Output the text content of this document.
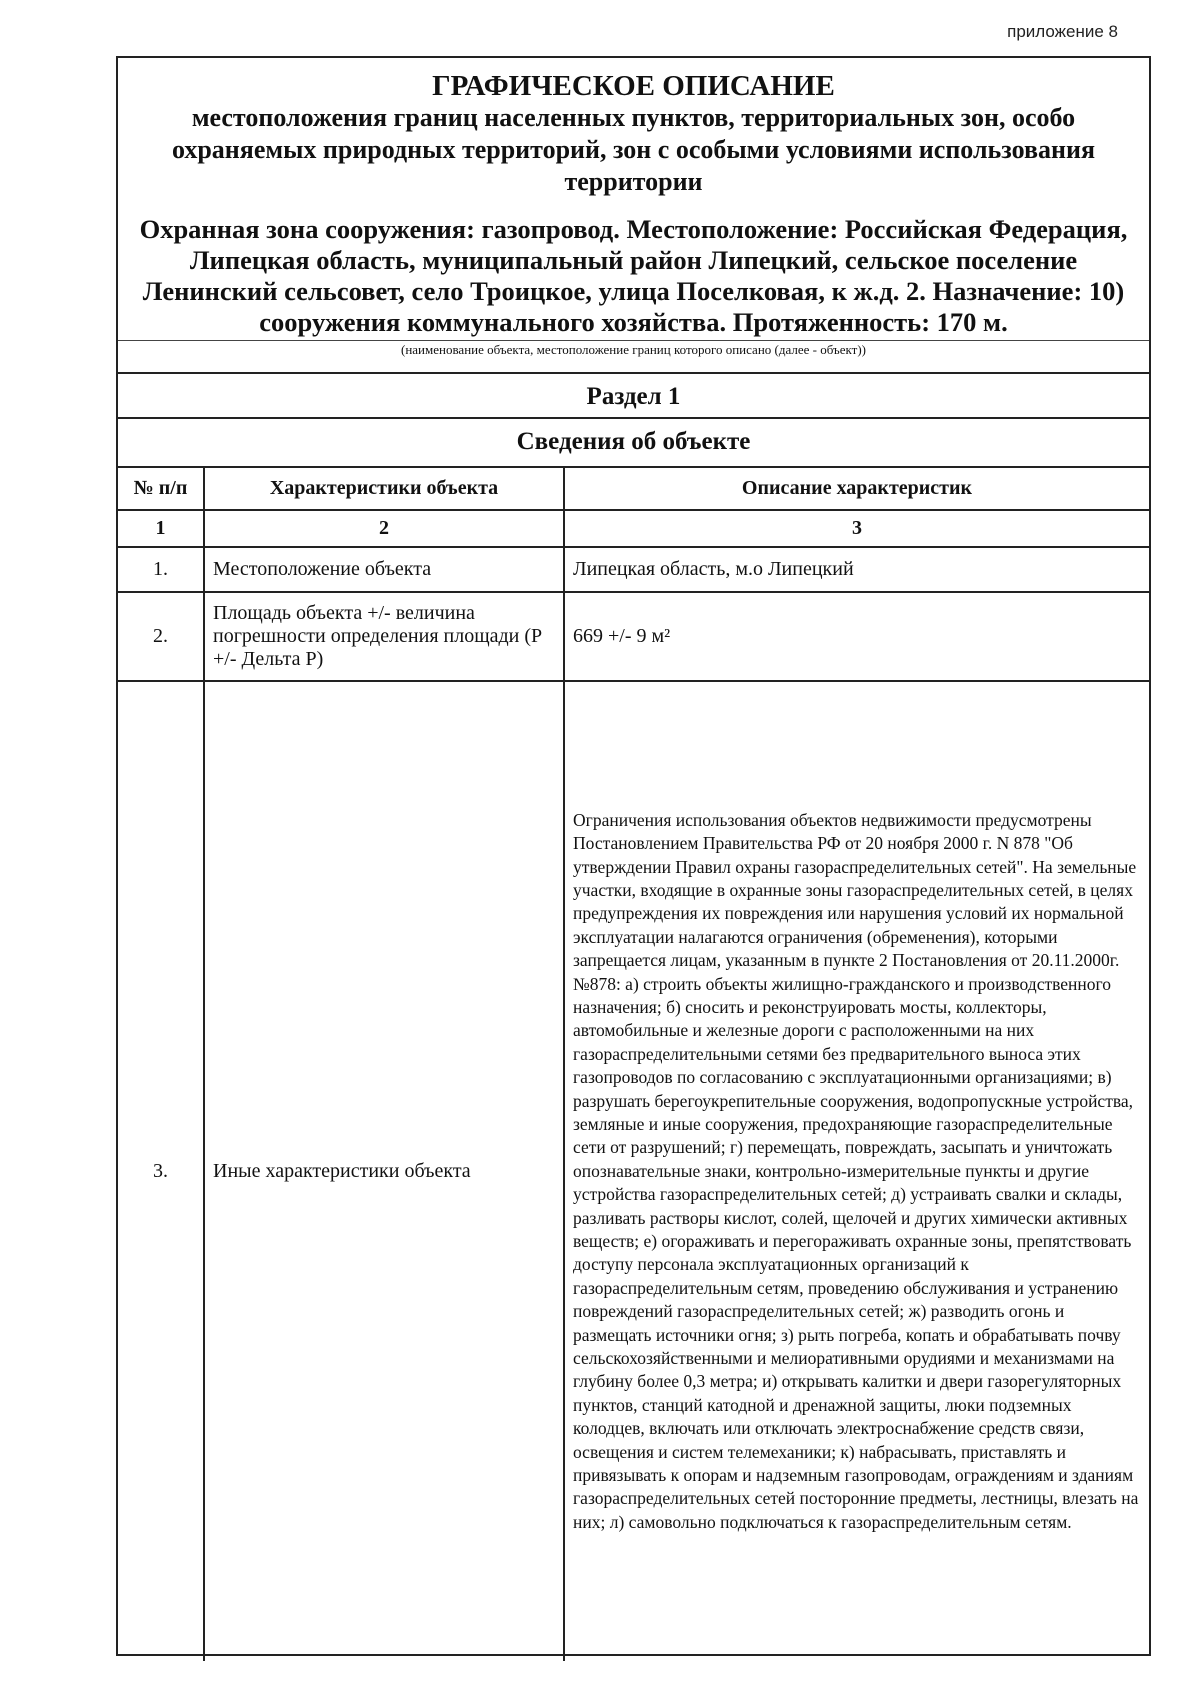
приложение 8
ГРАФИЧЕСКОЕ ОПИСАНИЕ
местоположения границ населенных пунктов, территориальных зон, особо охраняемых природных территорий, зон с особыми условиями использования территории
Охранная зона сооружения: газопровод. Местоположение: Российская Федерация, Липецкая область, муниципальный район Липецкий, сельское поселение Ленинский сельсовет, село Троицкое, улица Поселковая, к ж.д. 2. Назначение: 10) сооружения коммунального хозяйства. Протяженность: 170 м.
(наименование объекта, местоположение границ которого описано (далее - объект))
Раздел 1
Сведения об объекте
№ п/п	Характеристики объекта	Описание характеристик
1	2	3
1.	Местоположение объекта	Липецкая область, м.о Липецкий
2.	Площадь объекта +/- величина погрешности определения площади (P +/- Дельта P)	669 +/- 9 м²
3.	Иные характеристики объекта	Ограничения использования объектов недвижимости предусмотрены Постановлением Правительства РФ от 20 ноября 2000 г. N 878 "Об утверждении Правил охраны газораспределительных сетей". На земельные участки, входящие в охранные зоны газораспределительных сетей, в целях предупреждения их повреждения или нарушения условий их нормальной эксплуатации налагаются ограничения (обременения), которыми запрещается лицам, указанным в пункте 2 Постановления от 20.11.2000г. №878: а) строить объекты жилищно-гражданского и производственного назначения; б) сносить и реконструировать мосты, коллекторы, автомобильные и железные дороги с расположенными на них газораспределительными сетями без предварительного выноса этих газопроводов по согласованию с эксплуатационными организациями; в) разрушать берегоукрепительные сооружения, водопропускные устройства, земляные и иные сооружения, предохраняющие газораспределительные сети от разрушений; г) перемещать, повреждать, засыпать и уничтожать опознавательные знаки, контрольно-измерительные пункты и другие устройства газораспределительных сетей; д) устраивать свалки и склады, разливать растворы кислот, солей, щелочей и других химически активных веществ; е) огораживать и перегораживать охранные зоны, препятствовать доступу персонала эксплуатационных организаций к газораспределительным сетям, проведению обслуживания и устранению повреждений газораспределительных сетей; ж) разводить огонь и размещать источники огня; з) рыть погреба, копать и обрабатывать почву сельскохозяйственными и мелиоративными орудиями и механизмами на глубину более 0,3 метра; и) открывать калитки и двери газорегуляторных пунктов, станций катодной и дренажной защиты, люки подземных колодцев, включать или отключать электроснабжение средств связи, освещения и систем телемеханики; к) набрасывать, приставлять и привязывать к опорам и надземным газопроводам, ограждениям и зданиям газораспределительных сетей посторонние предметы, лестницы, влезать на них; л) самовольно подключаться к газораспределительным сетям.
